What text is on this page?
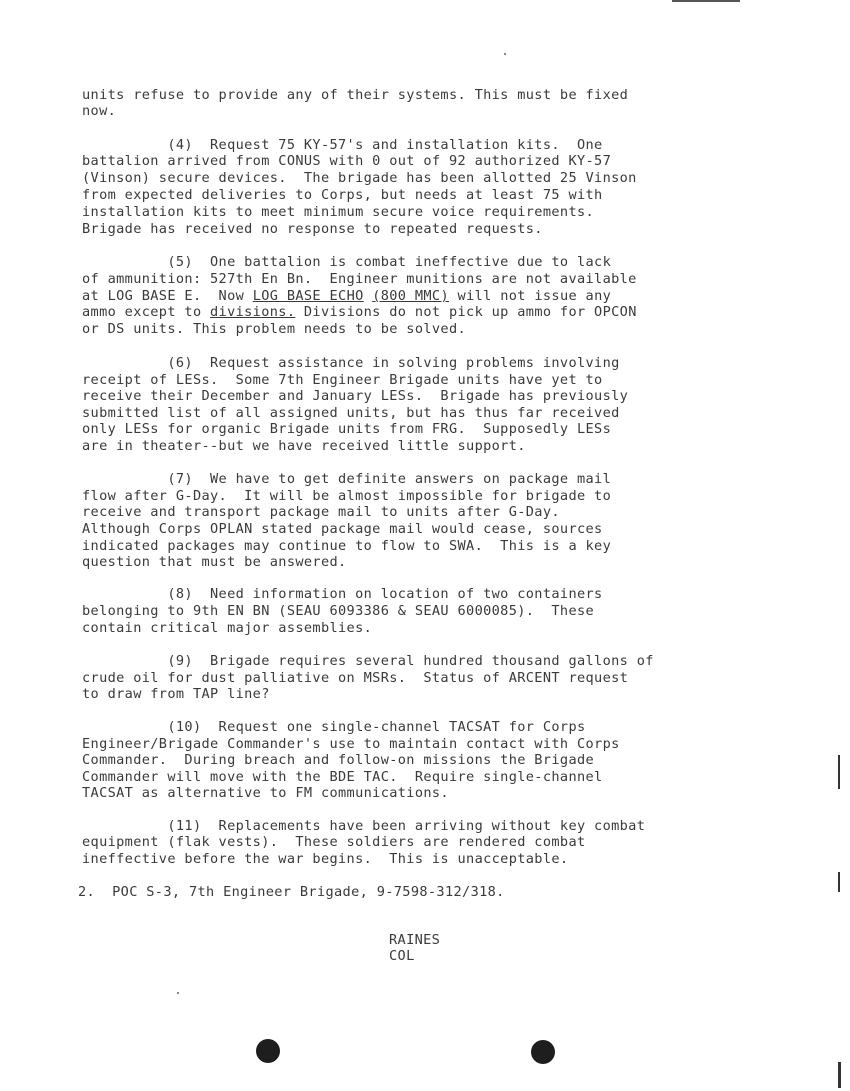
units refuse to provide any of their systems. This must be fixed
now.
(4)  Request 75 KY-57's and installation kits.  One
battalion arrived from CONUS with 0 out of 92 authorized KY-57
(Vinson) secure devices.  The brigade has been allotted 25 Vinson
from expected deliveries to Corps, but needs at least 75 with
installation kits to meet minimum secure voice requirements.
Brigade has received no response to repeated requests.
(5)  One battalion is combat ineffective due to lack
of ammunition: 527th En Bn.  Engineer munitions are not available
at LOG BASE E.  Now LOG BASE ECHO (800 MMC) will not issue any
ammo except to divisions. Divisions do not pick up ammo for OPCON
or DS units. This problem needs to be solved.
(6)  Request assistance in solving problems involving
receipt of LESs.  Some 7th Engineer Brigade units have yet to
receive their December and January LESs.  Brigade has previously
submitted list of all assigned units, but has thus far received
only LESs for organic Brigade units from FRG.  Supposedly LESs
are in theater--but we have received little support.
(7)  We have to get definite answers on package mail
flow after G-Day.  It will be almost impossible for brigade to
receive and transport package mail to units after G-Day.
Although Corps OPLAN stated package mail would cease, sources
indicated packages may continue to flow to SWA.  This is a key
question that must be answered.
(8)  Need information on location of two containers
belonging to 9th EN BN (SEAU 6093386 & SEAU 6000085).  These
contain critical major assemblies.
(9)  Brigade requires several hundred thousand gallons of
crude oil for dust palliative on MSRs.  Status of ARCENT request
to draw from TAP line?
(10)  Request one single-channel TACSAT for Corps
Engineer/Brigade Commander's use to maintain contact with Corps
Commander.  During breach and follow-on missions the Brigade
Commander will move with the BDE TAC.  Require single-channel
TACSAT as alternative to FM communications.
(11)  Replacements have been arriving without key combat
equipment (flak vests).  These soldiers are rendered combat
ineffective before the war begins.  This is unacceptable.
2.  POC S-3, 7th Engineer Brigade, 9-7598-312/318.
RAINES
COL
